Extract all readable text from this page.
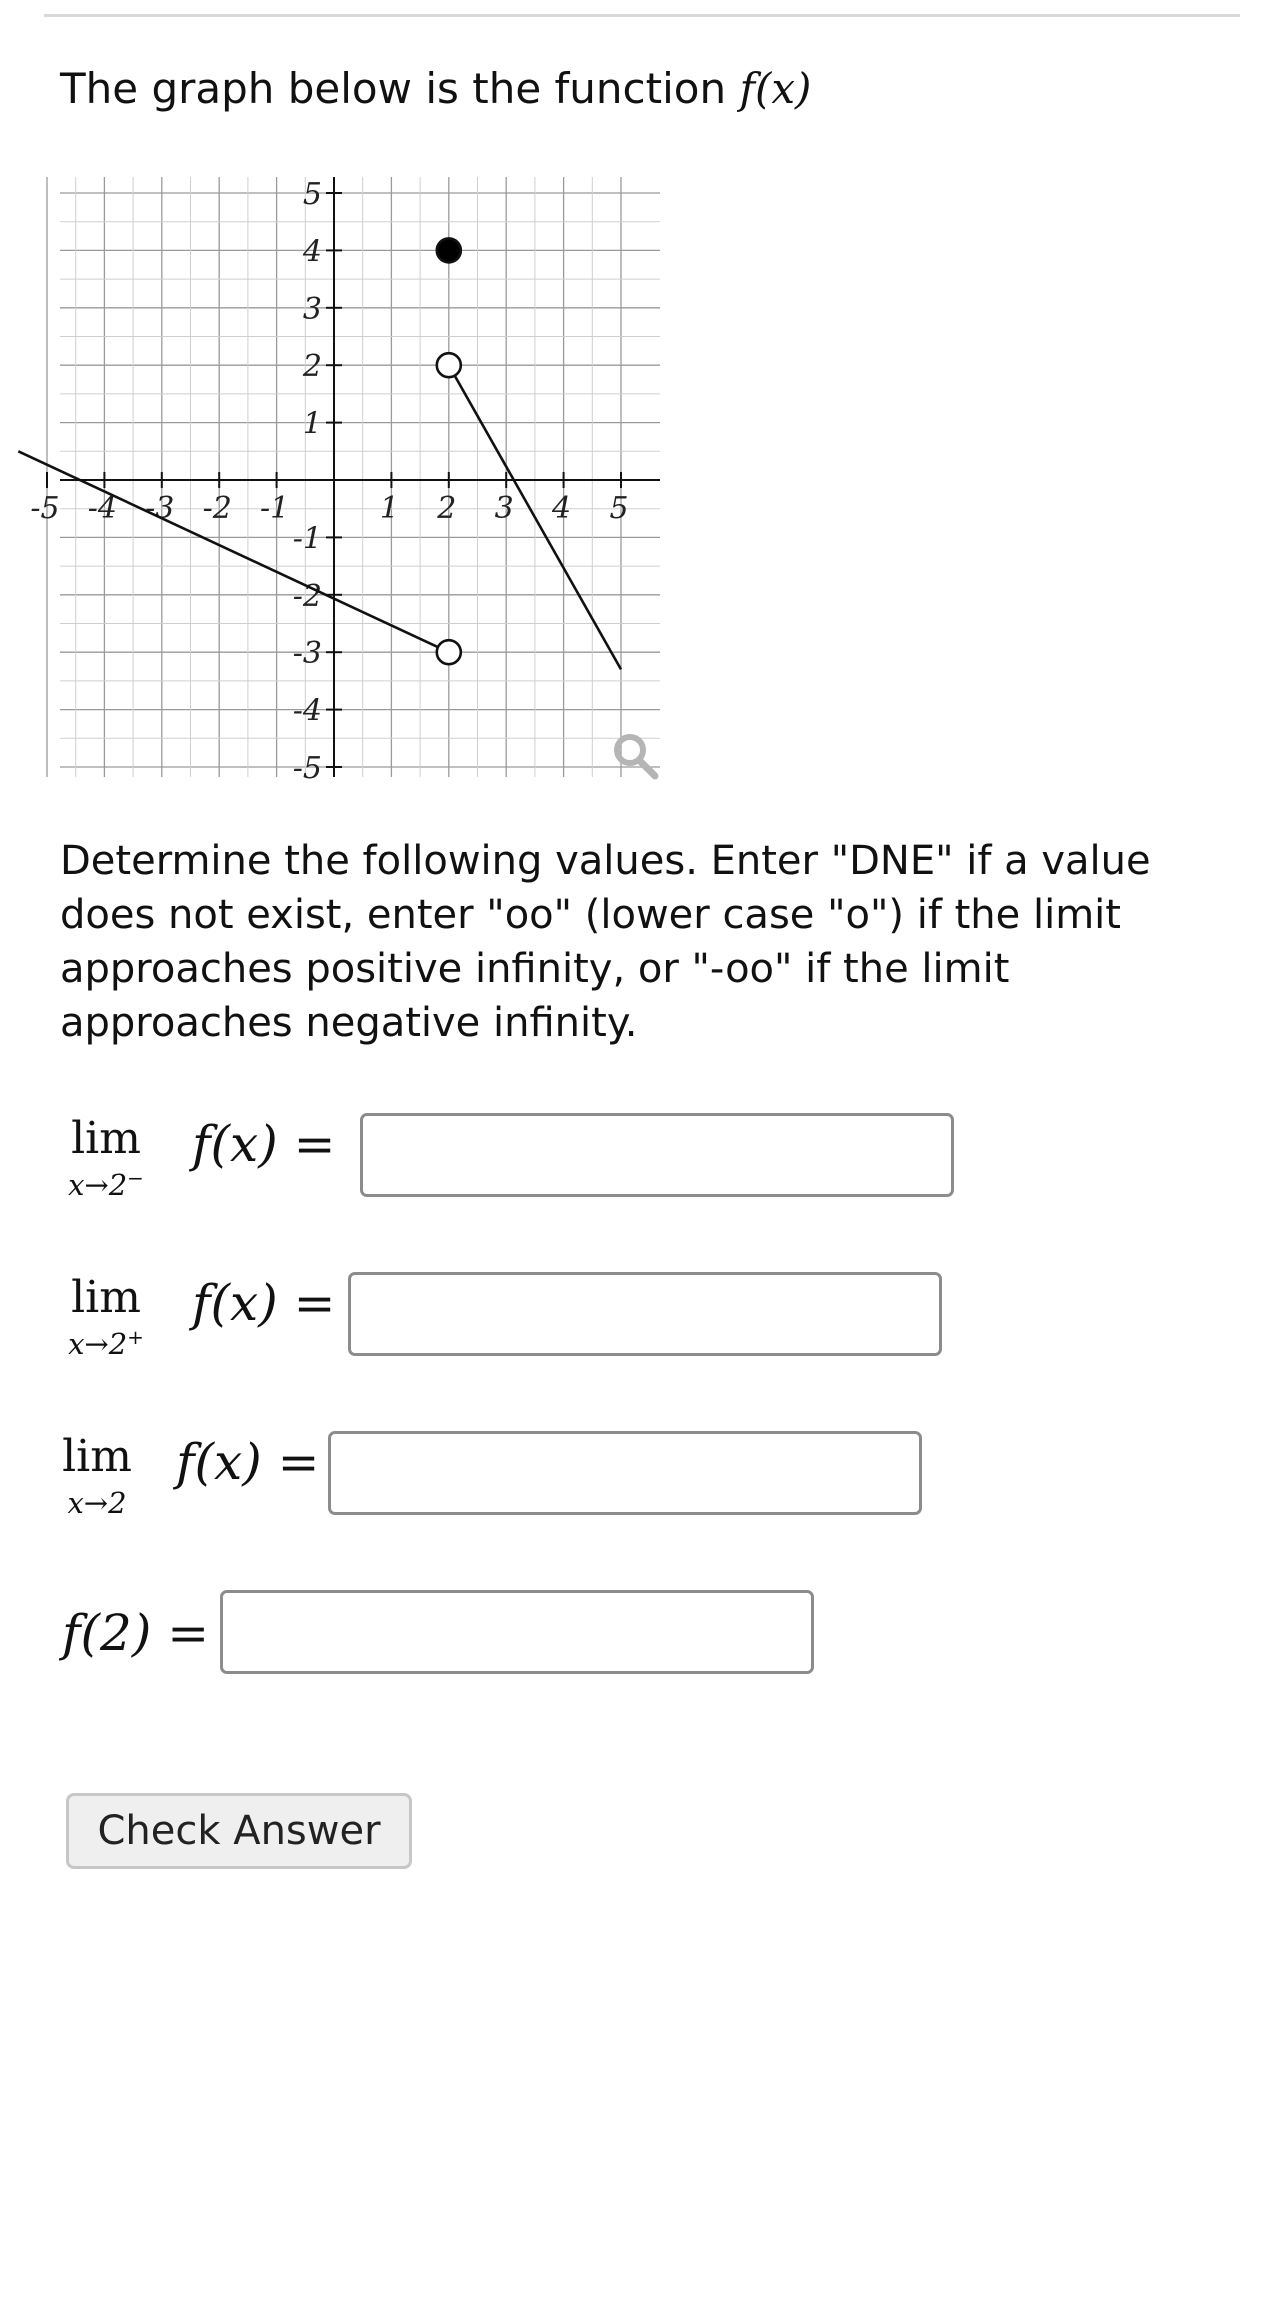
The graph below is the function f(x)
-5 -4 -3 -2 -1	1 2 3 4 5
-5
-4
-3
-2
-1
1
2
3
4
5
Determine the following values. Enter "DNE" if a value does not exist, enter "oo" (lower case "o") if the limit approaches positive infinity, or "-oo" if the limit approaches negative infinity.
lim
x→2−
f(x) =
lim
x→2+
f(x) =
lim
x→2
f(x) =
f(2) =
Check Answer
